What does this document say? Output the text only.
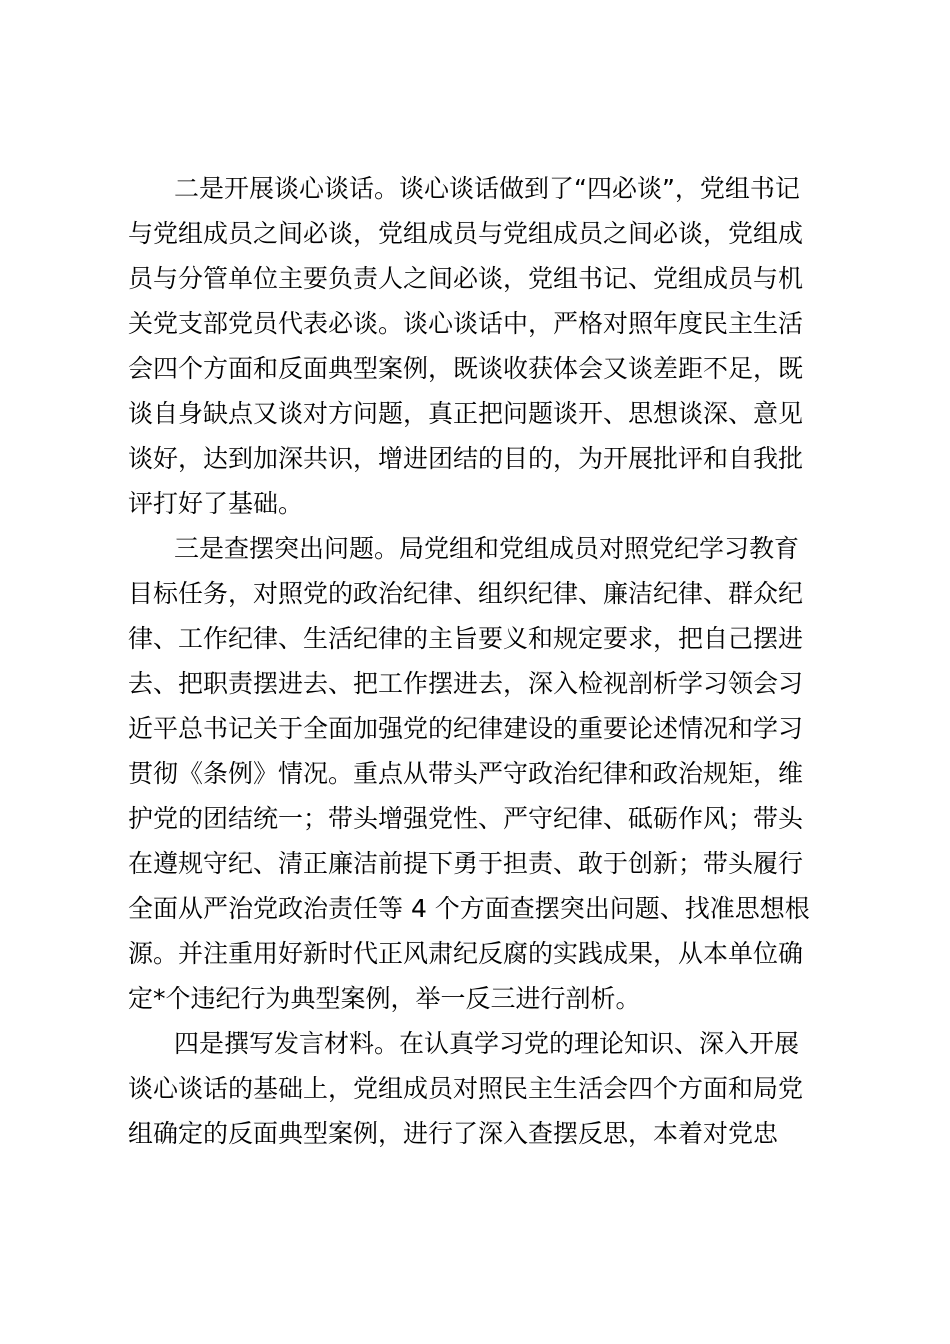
二是开展谈心谈话。谈心谈话做到了“四必谈”，党组书记
与党组成员之间必谈，党组成员与党组成员之间必谈，党组成
员与分管单位主要负责人之间必谈，党组书记、党组成员与机
关党支部党员代表必谈。谈心谈话中，严格对照年度民主生活
会四个方面和反面典型案例，既谈收获体会又谈差距不足，既
谈自身缺点又谈对方问题，真正把问题谈开、思想谈深、意见
谈好，达到加深共识，增进团结的目的，为开展批评和自我批
评打好了基础。
三是查摆突出问题。局党组和党组成员对照党纪学习教育
目标任务，对照党的政治纪律、组织纪律、廉洁纪律、群众纪
律、工作纪律、生活纪律的主旨要义和规定要求，把自己摆进
去、把职责摆进去、把工作摆进去，深入检视剖析学习领会习
近平总书记关于全面加强党的纪律建设的重要论述情况和学习
贯彻《条例》情况。重点从带头严守政治纪律和政治规矩，维
护党的团结统一；带头增强党性、严守纪律、砥砺作风；带头
在遵规守纪、清正廉洁前提下勇于担责、敢于创新；带头履行
全面从严治党政治责任等 4 个方面查摆突出问题、找准思想根
源。并注重用好新时代正风肃纪反腐的实践成果，从本单位确
定*个违纪行为典型案例，举一反三进行剖析。
四是撰写发言材料。在认真学习党的理论知识、深入开展
谈心谈话的基础上，党组成员对照民主生活会四个方面和局党
组确定的反面典型案例，进行了深入查摆反思，本着对党忠
